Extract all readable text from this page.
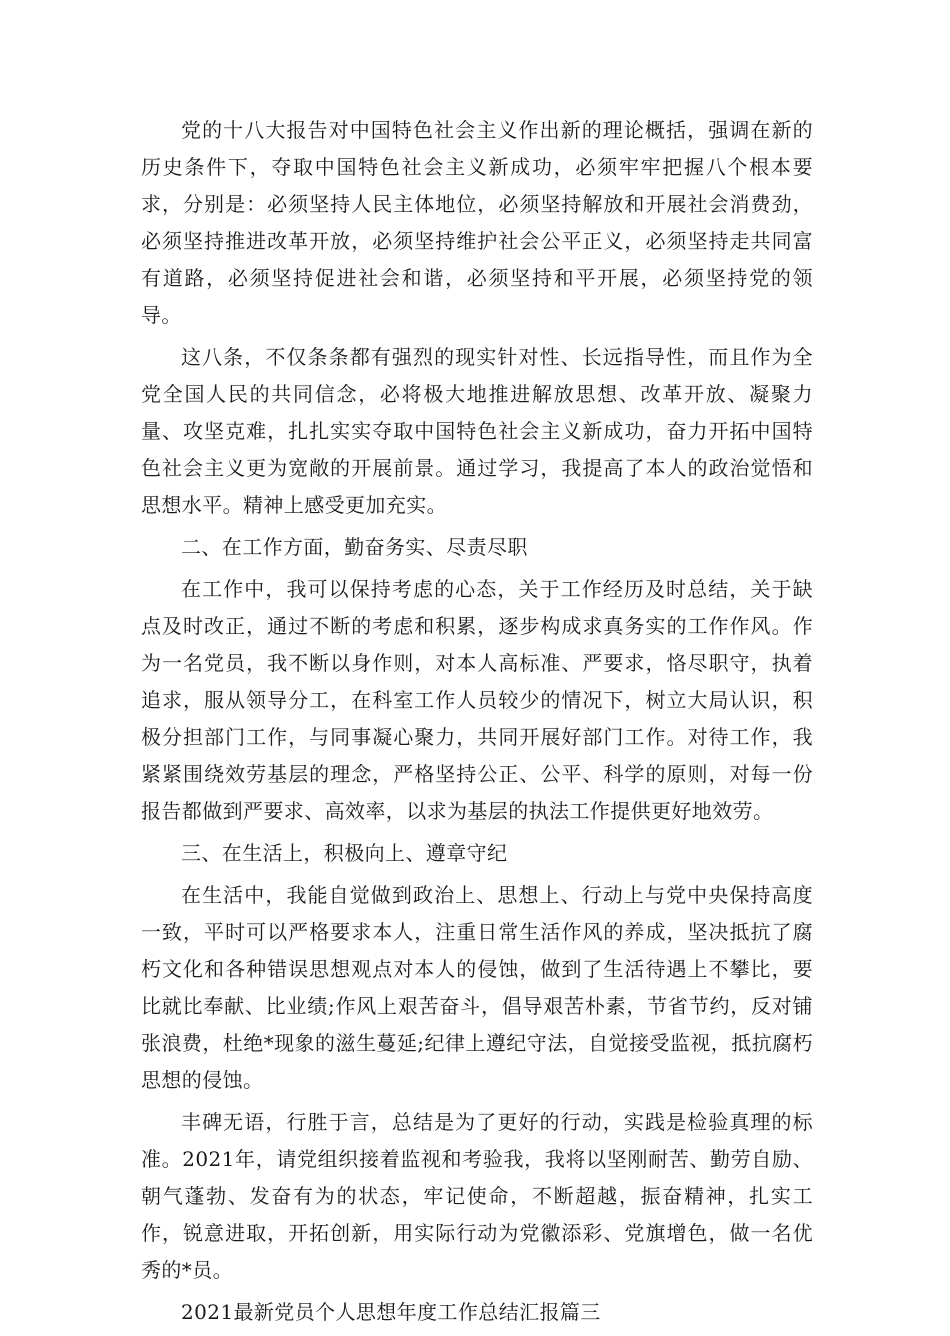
党的十八大报告对中国特色社会主义作出新的理论概括，强调在新的历史条件下，夺取中国特色社会主义新成功，必须牢牢把握八个根本要求，分别是：必须坚持人民主体地位，必须坚持解放和开展社会消费劲，必须坚持推进改革开放，必须坚持维护社会公平正义，必须坚持走共同富有道路，必须坚持促进社会和谐，必须坚持和平开展，必须坚持党的领导。

这八条，不仅条条都有强烈的现实针对性、长远指导性，而且作为全党全国人民的共同信念，必将极大地推进解放思想、改革开放、凝聚力量、攻坚克难，扎扎实实夺取中国特色社会主义新成功，奋力开拓中国特色社会主义更为宽敞的开展前景。通过学习，我提高了本人的政治觉悟和思想水平。精神上感受更加充实。

二、在工作方面，勤奋务实、尽责尽职

在工作中，我可以保持考虑的心态，关于工作经历及时总结，关于缺点及时改正，通过不断的考虑和积累，逐步构成求真务实的工作作风。作为一名党员，我不断以身作则，对本人高标准、严要求，恪尽职守，执着追求，服从领导分工，在科室工作人员较少的情况下，树立大局认识，积极分担部门工作，与同事凝心聚力，共同开展好部门工作。对待工作，我紧紧围绕效劳基层的理念，严格坚持公正、公平、科学的原则，对每一份报告都做到严要求、高效率，以求为基层的执法工作提供更好地效劳。

三、在生活上，积极向上、遵章守纪

在生活中，我能自觉做到政治上、思想上、行动上与党中央保持高度一致，平时可以严格要求本人，注重日常生活作风的养成，坚决抵抗了腐朽文化和各种错误思想观点对本人的侵蚀，做到了生活待遇上不攀比，要比就比奉献、比业绩;作风上艰苦奋斗，倡导艰苦朴素，节省节约，反对铺张浪费，杜绝*现象的滋生蔓延;纪律上遵纪守法，自觉接受监视，抵抗腐朽思想的侵蚀。

丰碑无语，行胜于言，总结是为了更好的行动，实践是检验真理的标准。2021年，请党组织接着监视和考验我，我将以坚刚耐苦、勤劳自励、朝气蓬勃、发奋有为的状态，牢记使命，不断超越，振奋精神，扎实工作，锐意进取，开拓创新，用实际行动为党徽添彩、党旗增色，做一名优秀的*员。

2021最新党员个人思想年度工作总结汇报篇三
